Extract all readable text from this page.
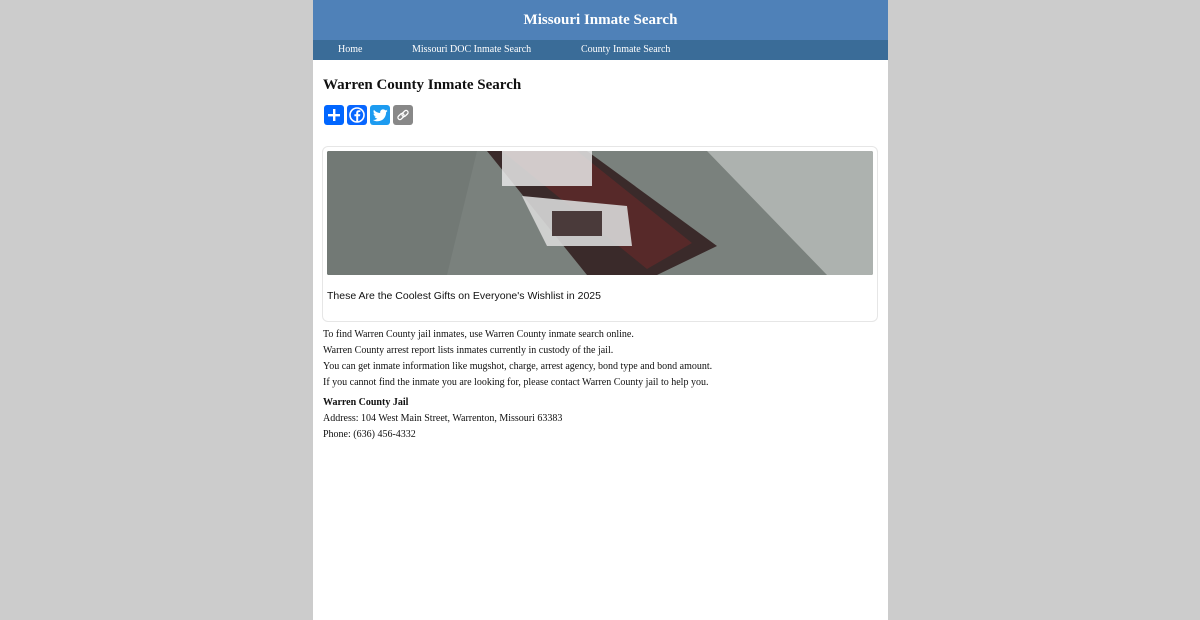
Missouri Inmate Search
Home	Missouri DOC Inmate Search	County Inmate Search
Warren County Inmate Search
These Are the Coolest Gifts on Everyone's Wishlist in 2025
To find Warren County jail inmates, use Warren County inmate search online.
Warren County arrest report lists inmates currently in custody of the jail.
You can get inmate information like mugshot, charge, arrest agency, bond type and bond amount.
If you cannot find the inmate you are looking for, please contact Warren County jail to help you.
Warren County Jail
Address: 104 West Main Street, Warrenton, Missouri 63383
Phone: (636) 456-4332
